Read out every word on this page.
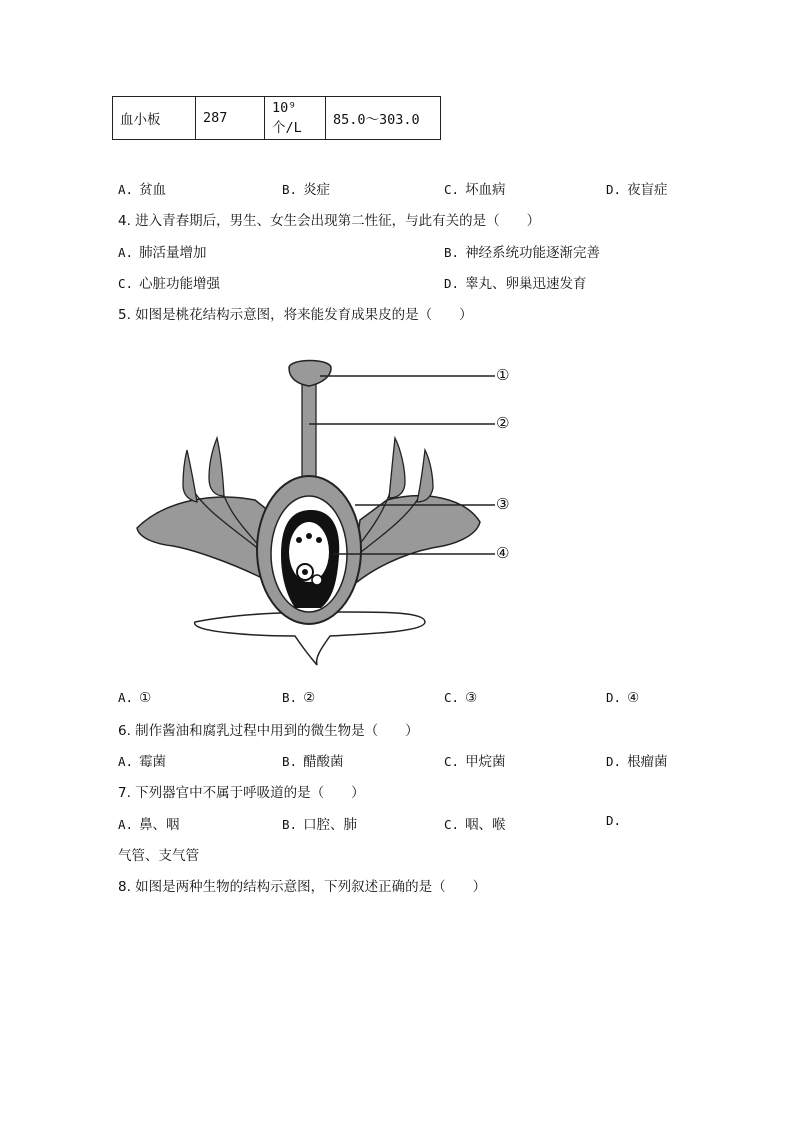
血小板	287	10⁹个/L	85.0～303.0
A. 贫血	B. 炎症	C. 坏血病	D. 夜盲症
4. 进入青春期后，男生、女生会出现第二性征，与此有关的是（　　）
A. 肺活量增加	B. 神经系统功能逐渐完善
C. 心脏功能增强	D. 睾丸、卵巢迅速发育
5. 如图是桃花结构示意图，将来能发育成果皮的是（　　）
①
②
③
④
A. ①	B. ②	C. ③	D. ④
6. 制作酱油和腐乳过程中用到的微生物是（　　）
A. 霉菌	B. 醋酸菌	C. 甲烷菌	D. 根瘤菌
7. 下列器官中不属于呼吸道的是（　　）
A. 鼻、咽	B. 口腔、肺	C. 咽、喉	D.
气管、支气管
8. 如图是两种生物的结构示意图，下列叙述正确的是（　　）
